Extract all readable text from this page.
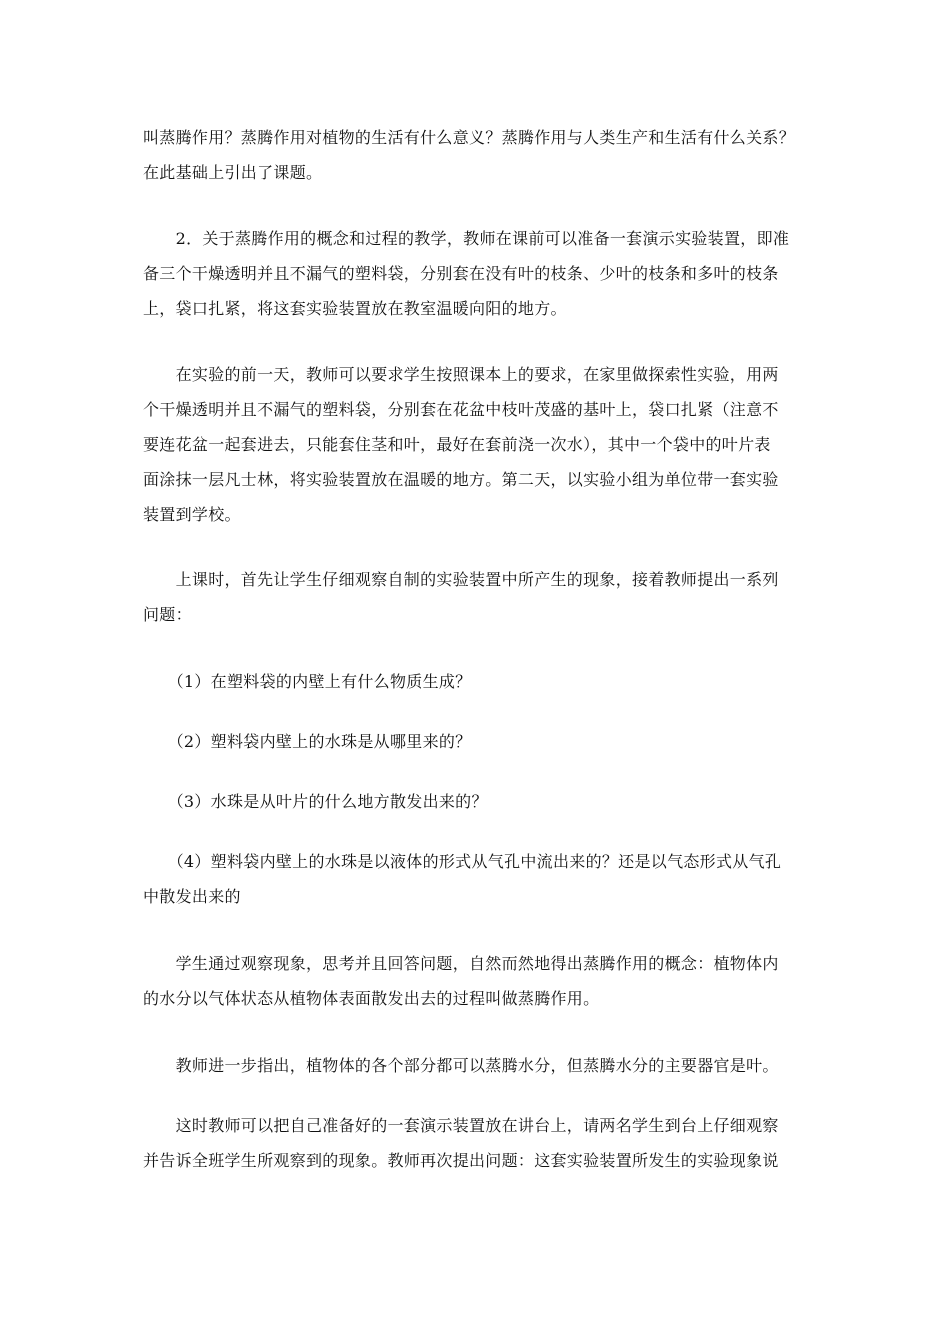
叫蒸腾作用？蒸腾作用对植物的生活有什么意义？蒸腾作用与人类生产和生活有什么关系？
在此基础上引出了课题。

　　2．关于蒸腾作用的概念和过程的教学，教师在课前可以准备一套演示实验装置，即准
备三个干燥透明并且不漏气的塑料袋，分别套在没有叶的枝条、少叶的枝条和多叶的枝条
上，袋口扎紧，将这套实验装置放在教室温暖向阳的地方。

　　在实验的前一天，教师可以要求学生按照课本上的要求，在家里做探索性实验，用两
个干燥透明并且不漏气的塑料袋，分别套在花盆中枝叶茂盛的基叶上，袋口扎紧（注意不
要连花盆一起套进去，只能套住茎和叶，最好在套前浇一次水），其中一个袋中的叶片表
面涂抹一层凡士林，将实验装置放在温暖的地方。第二天，以实验小组为单位带一套实验
装置到学校。

　　上课时，首先让学生仔细观察自制的实验装置中所产生的现象，接着教师提出一系列
问题：

　　（1）在塑料袋的内壁上有什么物质生成？

　　（2）塑料袋内壁上的水珠是从哪里来的？

　　（3）水珠是从叶片的什么地方散发出来的？

　　（4）塑料袋内壁上的水珠是以液体的形式从气孔中流出来的？还是以气态形式从气孔
中散发出来的

　　学生通过观察现象，思考并且回答问题，自然而然地得出蒸腾作用的概念：植物体内
的水分以气体状态从植物体表面散发出去的过程叫做蒸腾作用。

　　教师进一步指出，植物体的各个部分都可以蒸腾水分，但蒸腾水分的主要器官是叶。

　　这时教师可以把自己准备好的一套演示装置放在讲台上，请两名学生到台上仔细观察
并告诉全班学生所观察到的现象。教师再次提出问题：这套实验装置所发生的实验现象说
